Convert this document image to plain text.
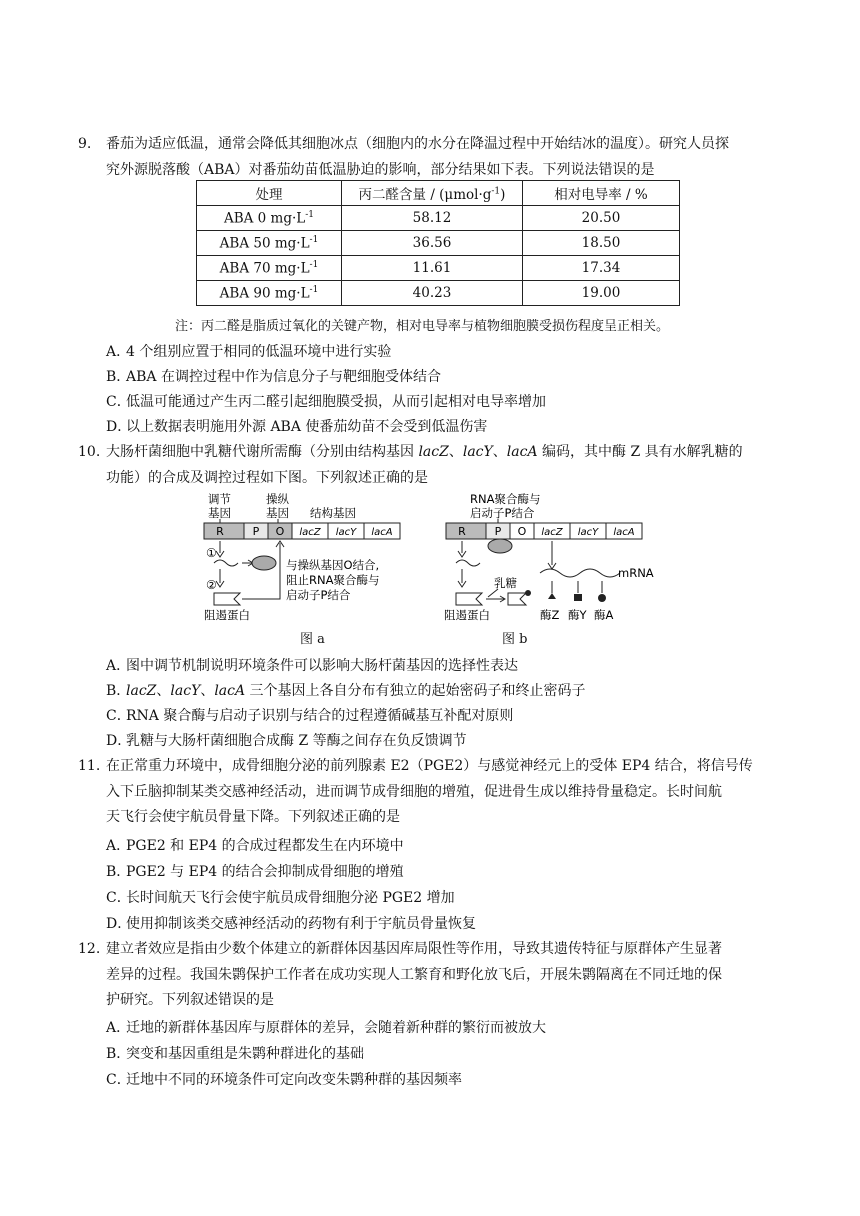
9. 番茄为适应低温，通常会降低其细胞冰点（细胞内的水分在降温过程中开始结冰的温度）。研究人员探
究外源脱落酸（ABA）对番茄幼苗低温胁迫的影响，部分结果如下表。下列说法错误的是
处理	丙二醛含量 / $(\mu mol\cdot g^{-1})$	相对电导率 / %
ABA 0 $mg\cdot L^{-1}$	58.12	20.50
ABA 50 $mg\cdot L^{-1}$	36.56	18.50
ABA 70 $mg\cdot L^{-1}$	11.61	17.34
ABA 90 $mg\cdot L^{-1}$	40.23	19.00
注：丙二醛是脂质过氧化的关键产物，相对电导率与植物细胞膜受损伤程度呈正相关。
A．4 个组别应置于相同的低温环境中进行实验
B．ABA 在调控过程中作为信息分子与靶细胞受体结合
C．低温可能通过产生丙二醛引起细胞膜受损，从而引起相对电导率增加
D．以上数据表明施用外源 ABA 使番茄幼苗不会受到低温伤害
10. 大肠杆菌细胞中乳糖代谢所需酶（分别由结构基因 lacZ、lacY、lacA 编码，其中酶 Z 具有水解乳糖的
功能）的合成及调控过程如下图。下列叙述正确的是
调节
基因
操纵
基因 结构基因
R	P O lacZ lacY lacA
①
②
与操纵基因O结合,
阻止RNA聚合酶与
启动子P结合
阻遏蛋白
图 a
RNA聚合酶与
启动子P结合
R	P O lacZ lacY lacA
乳糖
mRNA
酶Z 酶Y 酶A
阻遏蛋白
图 b
A．图中调节机制说明环境条件可以影响大肠杆菌基因的选择性表达
B．lacZ、lacY、lacA 三个基因上各自分布有独立的起始密码子和终止密码子
C．RNA 聚合酶与启动子识别与结合的过程遵循碱基互补配对原则
D．乳糖与大肠杆菌细胞合成酶 Z 等酶之间存在负反馈调节
11. 在正常重力环境中，成骨细胞分泌的前列腺素 E2（PGE2）与感觉神经元上的受体 EP4 结合，将信号传
入下丘脑抑制某类交感神经活动，进而调节成骨细胞的增殖，促进骨生成以维持骨量稳定。长时间航
天飞行会使宇航员骨量下降。下列叙述正确的是
A．PGE2 和 EP4 的合成过程都发生在内环境中
B．PGE2 与 EP4 的结合会抑制成骨细胞的增殖
C．长时间航天飞行会使宇航员成骨细胞分泌 PGE2 增加
D．使用抑制该类交感神经活动的药物有利于宇航员骨量恢复
12. 建立者效应是指由少数个体建立的新群体因基因库局限性等作用，导致其遗传特征与原群体产生显著
差异的过程。我国朱鹮保护工作者在成功实现人工繁育和野化放飞后，开展朱鹮隔离在不同迁地的保
护研究。下列叙述错误的是
A．迁地的新群体基因库与原群体的差异，会随着新种群的繁衍而被放大
B．突变和基因重组是朱鹮种群进化的基础
C．迁地中不同的环境条件可定向改变朱鹮种群的基因频率
